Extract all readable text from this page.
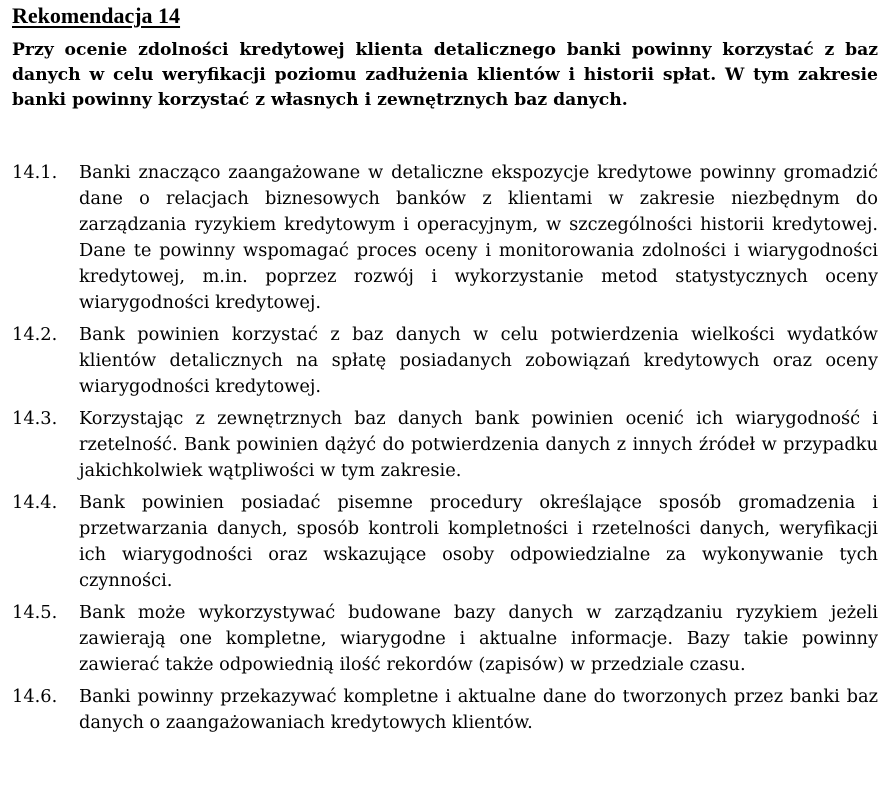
Rekomendacja 14

Przy ocenie zdolności kredytowej klienta detalicznego banki powinny korzystać z baz danych w celu weryfikacji poziomu zadłużenia klientów i historii spłat. W tym zakresie banki powinny korzystać z własnych i zewnętrznych baz danych.

14.1.	Banki znacząco zaangażowane w detaliczne ekspozycje kredytowe powinny gromadzić dane o relacjach biznesowych banków z klientami w zakresie niezbędnym do zarządzania ryzykiem kredytowym i operacyjnym, w szczególności historii kredytowej. Dane te powinny wspomagać proces oceny i monitorowania zdolności i wiarygodności kredytowej, m.in. poprzez rozwój i wykorzystanie metod statystycznych oceny wiarygodności kredytowej.
14.2.	Bank powinien korzystać z baz danych w celu potwierdzenia wielkości wydatków klientów detalicznych na spłatę posiadanych zobowiązań kredytowych oraz oceny wiarygodności kredytowej.
14.3.	Korzystając z zewnętrznych baz danych bank powinien ocenić ich wiarygodność i rzetelność. Bank powinien dążyć do potwierdzenia danych z innych źródeł w przypadku jakichkolwiek wątpliwości w tym zakresie.
14.4.	Bank powinien posiadać pisemne procedury określające sposób gromadzenia i przetwarzania danych, sposób kontroli kompletności i rzetelności danych, weryfikacji ich wiarygodności oraz wskazujące osoby odpowiedzialne za wykonywanie tych czynności.
14.5.	Bank może wykorzystywać budowane bazy danych w zarządzaniu ryzykiem jeżeli zawierają one kompletne, wiarygodne i aktualne informacje. Bazy takie powinny zawierać także odpowiednią ilość rekordów (zapisów) w przedziale czasu.
14.6.	Banki powinny przekazywać kompletne i aktualne dane do tworzonych przez banki baz danych o zaangażowaniach kredytowych klientów.
